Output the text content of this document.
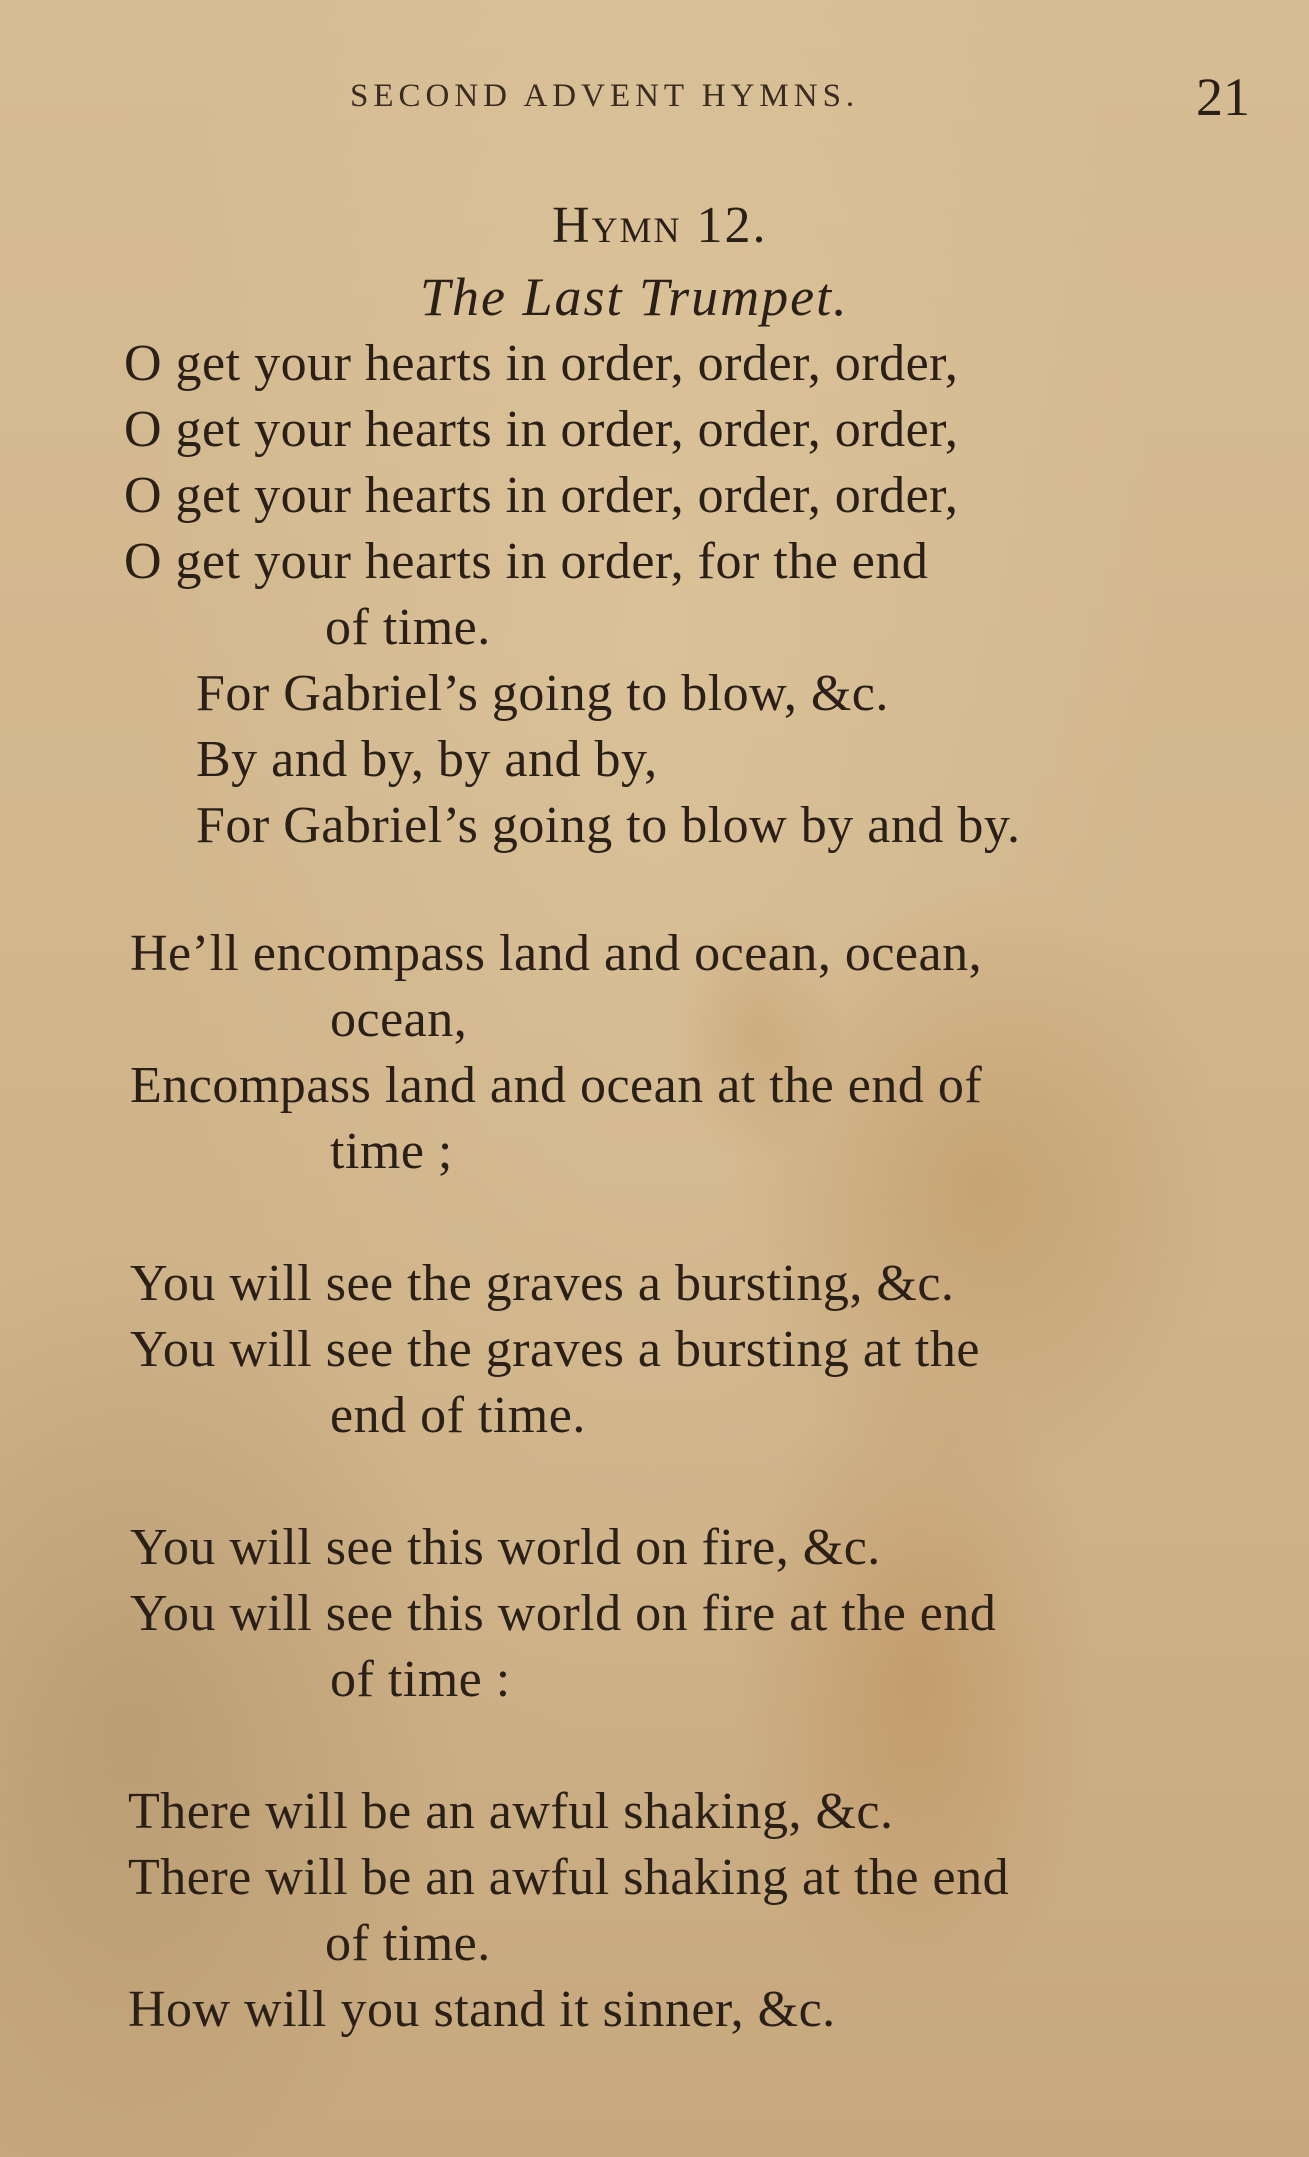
SECOND ADVENT HYMNS.	21
Hymn 12.
The Last Trumpet.
O get your hearts in order, order, order,
O get your hearts in order, order, order,
O get your hearts in order, order, order,
O get your hearts in order, for the end
of time.
For Gabriel’s going to blow, &c.
By and by, by and by,
For Gabriel’s going to blow by and by.
He’ll encompass land and ocean, ocean,
ocean,
Encompass land and ocean at the end of
time ;
You will see the graves a bursting, &c.
You will see the graves a bursting at the
end of time.
You will see this world on fire, &c.
You will see this world on fire at the end
of time :
There will be an awful shaking, &c.
There will be an awful shaking at the end
of time.
How will you stand it sinner, &c.
